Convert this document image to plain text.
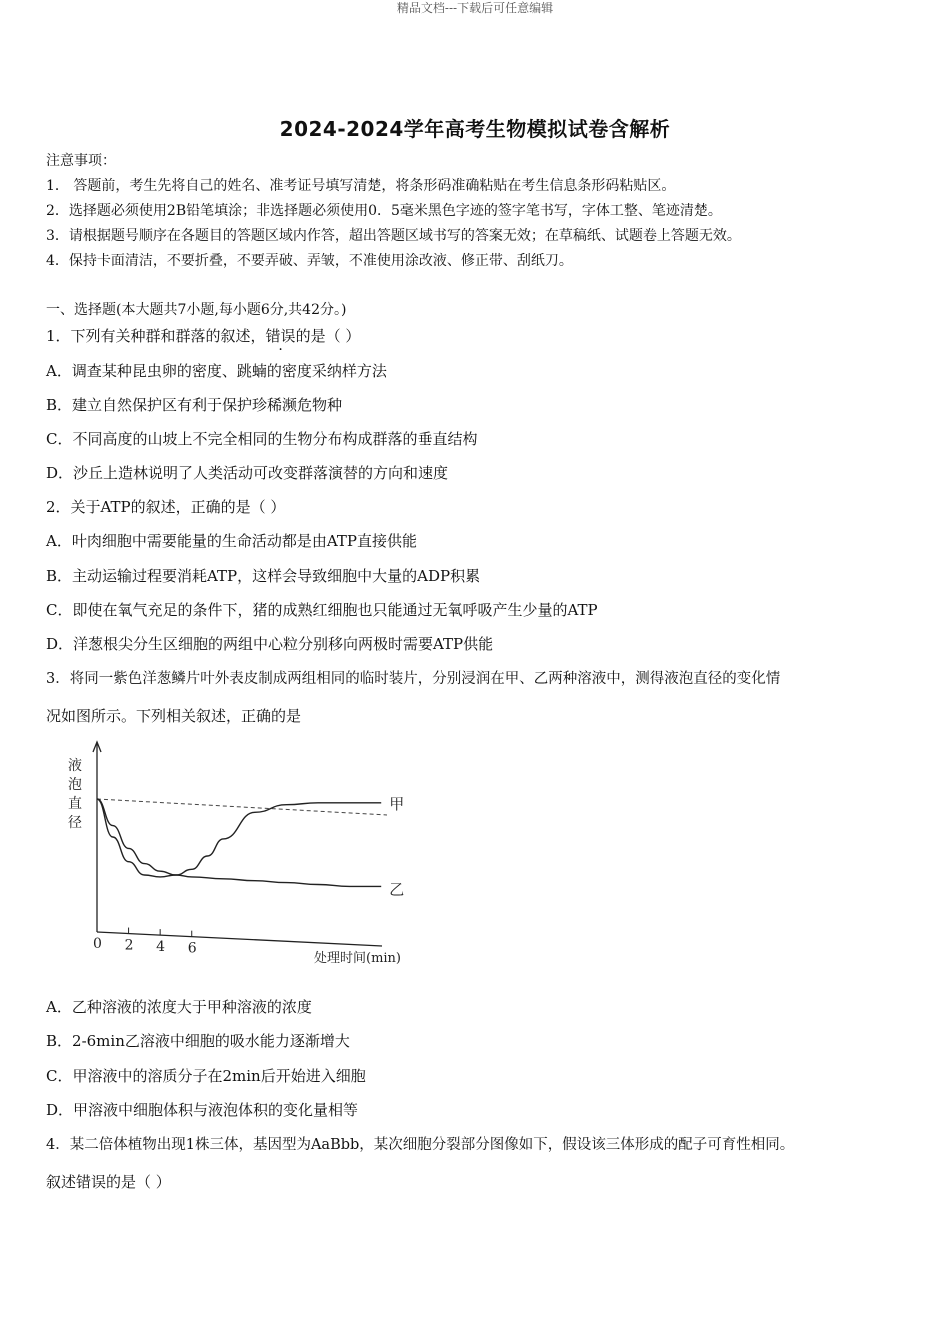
精品文档---下载后可任意编辑
2024-2024学年高考生物模拟试卷含解析
注意事项：
1． 答题前，考生先将自己的姓名、准考证号填写清楚，将条形码准确粘贴在考生信息条形码粘贴区。
2．选择题必须使用2B铅笔填涂；非选择题必须使用0．5毫米黑色字迹的签字笔书写，字体工整、笔迹清楚。
3．请根据题号顺序在各题目的答题区域内作答，超出答题区域书写的答案无效；在草稿纸、试题卷上答题无效。
4．保持卡面清洁，不要折叠，不要弄破、弄皱，不准使用涂改液、修正带、刮纸刀。
一、选择题(本大题共7小题,每小题6分,共42分。)
1．下列有关种群和群落的叙述，错误的是（ ）
A．调查某种昆虫卵的密度、跳蝻的密度采纳样方法
B．建立自然保护区有利于保护珍稀濒危物种
C．不同高度的山坡上不完全相同的生物分布构成群落的垂直结构
D．沙丘上造林说明了人类活动可改变群落演替的方向和速度
2．关于ATP的叙述，正确的是（ ）
A．叶肉细胞中需要能量的生命活动都是由ATP直接供能
B．主动运输过程要消耗ATP，这样会导致细胞中大量的ADP积累
C．即使在氧气充足的条件下，猪的成熟红细胞也只能通过无氧呼吸产生少量的ATP
D．洋葱根尖分生区细胞的两组中心粒分别移向两极时需要ATP供能
3．将同一紫色洋葱鳞片叶外表皮制成两组相同的临时装片，分别浸润在甲、乙两种溶液中，测得液泡直径的变化情
况如图所示。下列相关叙述，正确的是
液
泡
直
径
0 2 4 6
甲
乙
处理时间(min)
A．乙种溶液的浓度大于甲种溶液的浓度
B．2-6min乙溶液中细胞的吸水能力逐渐增大
C．甲溶液中的溶质分子在2min后开始进入细胞
D．甲溶液中细胞体积与液泡体积的变化量相等
4．某二倍体植物出现1株三体，基因型为AaBbb，某次细胞分裂部分图像如下，假设该三体形成的配子可育性相同。
叙述错误的是（ ）
